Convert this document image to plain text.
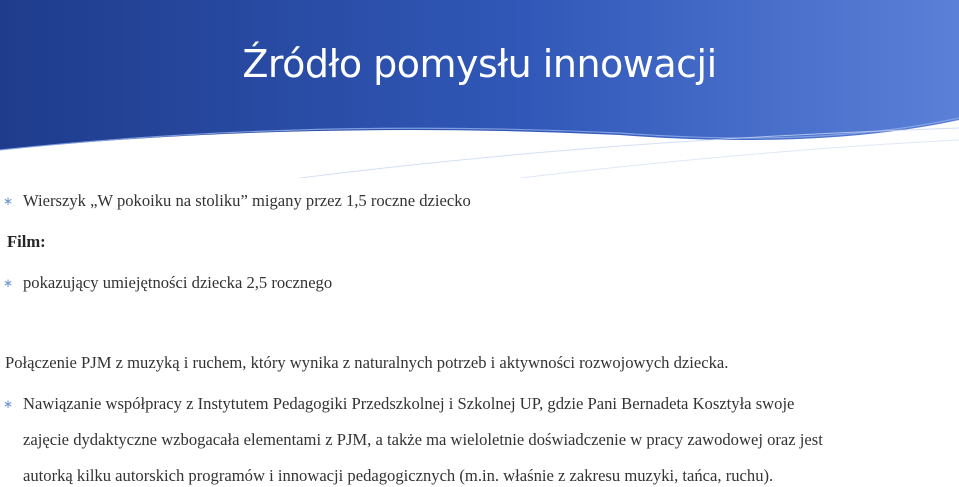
Źródło pomysłu innowacji
∗ Wierszyk „W pokoiku na stoliku” migany przez 1,5 roczne dziecko
Film:
∗ pokazujący umiejętności dziecka 2,5 rocznego
Połączenie PJM z muzyką i ruchem, który wynika z naturalnych potrzeb i aktywności rozwojowych dziecka.
∗ Nawiązanie współpracy z Instytutem Pedagogiki Przedszkolnej i Szkolnej UP, gdzie Pani Bernadeta Kosztyła swoje
zajęcie dydaktyczne wzbogacała elementami z PJM, a także ma wieloletnie doświadczenie w pracy zawodowej oraz jest
autorką kilku autorskich programów i innowacji pedagogicznych (m.in. właśnie z zakresu muzyki, tańca, ruchu).
